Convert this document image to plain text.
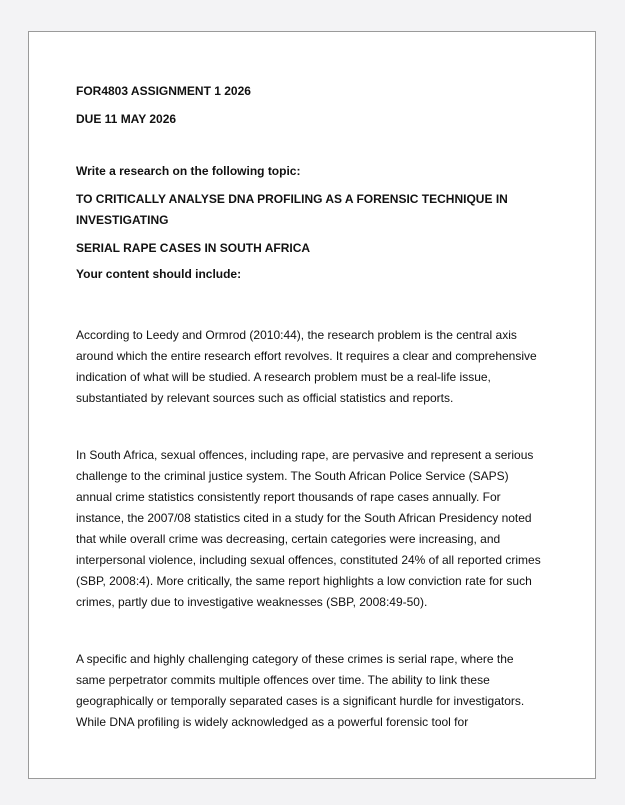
FOR4803 ASSIGNMENT 1 2026

DUE 11 MAY 2026

Write a research on the following topic:

TO CRITICALLY ANALYSE DNA PROFILING AS A FORENSIC TECHNIQUE IN

INVESTIGATING

SERIAL RAPE CASES IN SOUTH AFRICA

Your content should include:

According to Leedy and Ormrod (2010:44), the research problem is the central axis

around which the entire research effort revolves. It requires a clear and comprehensive

indication of what will be studied. A research problem must be a real-life issue,

substantiated by relevant sources such as official statistics and reports.

In South Africa, sexual offences, including rape, are pervasive and represent a serious

challenge to the criminal justice system. The South African Police Service (SAPS)

annual crime statistics consistently report thousands of rape cases annually. For

instance, the 2007/08 statistics cited in a study for the South African Presidency noted

that while overall crime was decreasing, certain categories were increasing, and

interpersonal violence, including sexual offences, constituted 24% of all reported crimes

(SBP, 2008:4). More critically, the same report highlights a low conviction rate for such

crimes, partly due to investigative weaknesses (SBP, 2008:49-50).

A specific and highly challenging category of these crimes is serial rape, where the

same perpetrator commits multiple offences over time. The ability to link these

geographically or temporally separated cases is a significant hurdle for investigators.

While DNA profiling is widely acknowledged as a powerful forensic tool for
